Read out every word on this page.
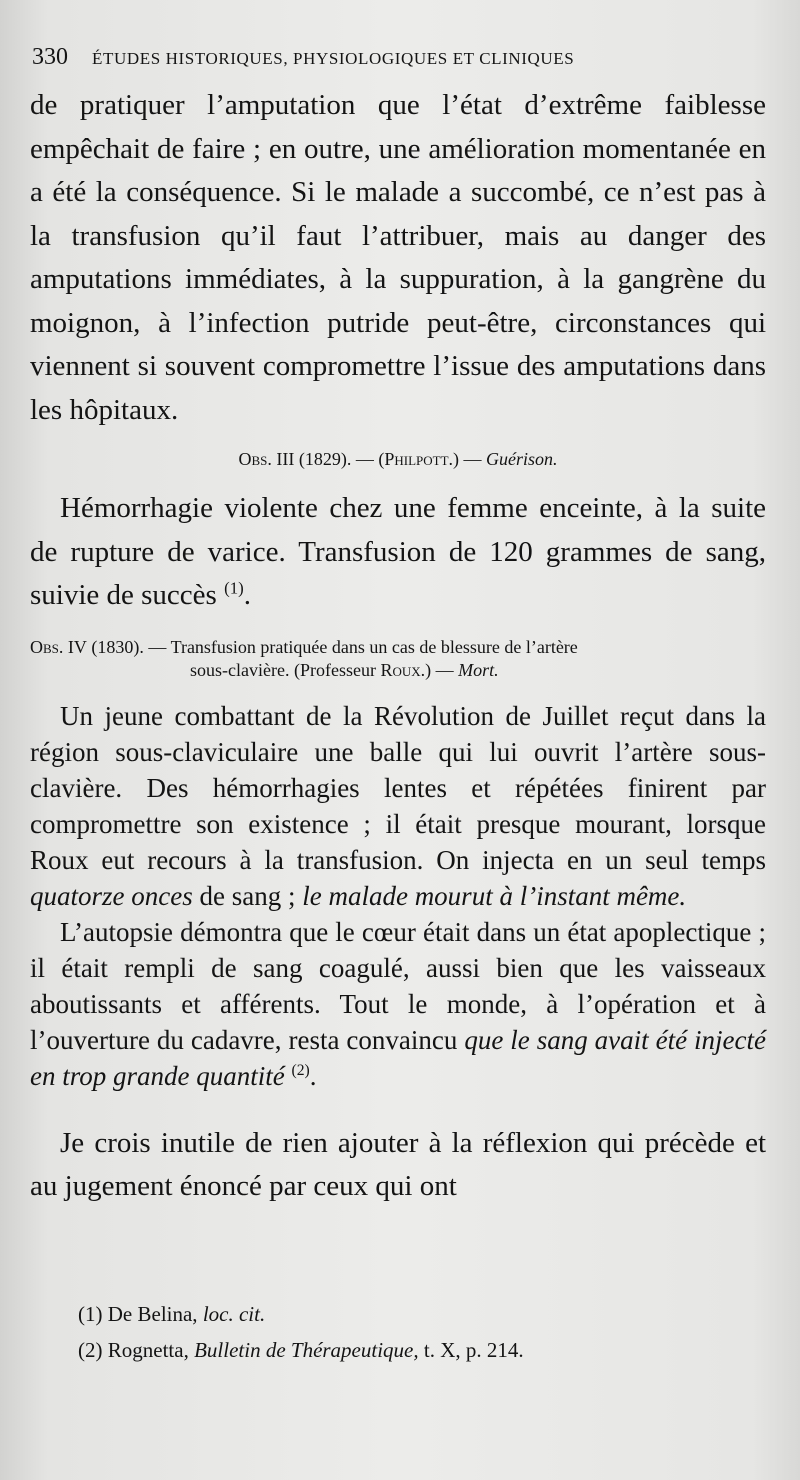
330 ÉTUDES HISTORIQUES, PHYSIOLOGIQUES ET CLINIQUES

de pratiquer l’amputation que l’état d’extrême faiblesse empêchait de faire ; en outre, une amélioration momentanée en a été la conséquence. Si le malade a succombé, ce n’est pas à la transfusion qu’il faut l’attribuer, mais au danger des amputations immédiates, à la suppuration, à la gangrène du moignon, à l’infection putride peut-être, circonstances qui viennent si souvent compromettre l’issue des amputations dans les hôpitaux.

Obs. III (1829). — (Philpott.) — Guérison.

Hémorrhagie violente chez une femme enceinte, à la suite de rupture de varice. Transfusion de 120 grammes de sang, suivie de succès $^{(1)}$.

Obs. IV (1830). — Transfusion pratiquée dans un cas de blessure de l’artère
sous-clavière. (Professeur Roux.) — Mort.

Un jeune combattant de la Révolution de Juillet reçut dans la région sous-claviculaire une balle qui lui ouvrit l’artère sous-clavière. Des hémorrhagies lentes et répétées finirent par compromettre son existence ; il était presque mourant, lorsque Roux eut recours à la transfusion. On injecta en un seul temps quatorze onces de sang ; le malade mourut à l’instant même.

L’autopsie démontra que le cœur était dans un état apoplectique ; il était rempli de sang coagulé, aussi bien que les vaisseaux aboutissants et afférents. Tout le monde, à l’opération et à l’ouverture du cadavre, resta convaincu que le sang avait été injecté en trop grande quantité $^{(2)}$.

Je crois inutile de rien ajouter à la réflexion qui précède et au jugement énoncé par ceux qui ont

(1) De Belina, loc. cit.
(2) Rognetta, Bulletin de Thérapeutique, t. X, p. 214.
